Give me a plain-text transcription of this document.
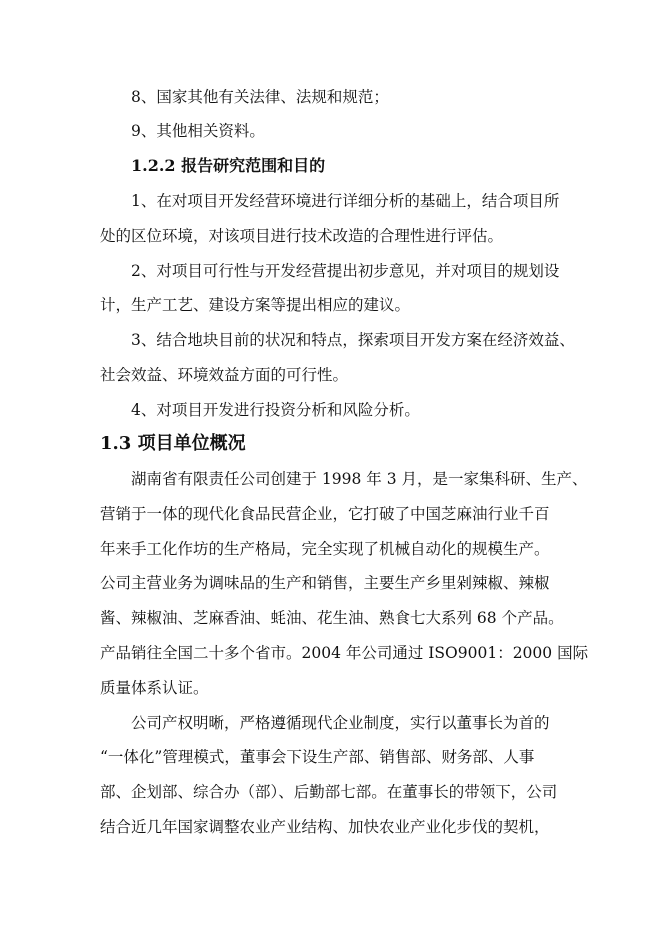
8、国家其他有关法律、法规和规范；
9、其他相关资料。
1.2.2 报告研究范围和目的
1、在对项目开发经营环境进行详细分析的基础上，结合项目所
处的区位环境，对该项目进行技术改造的合理性进行评估。
2、对项目可行性与开发经营提出初步意见，并对项目的规划设
计，生产工艺、建设方案等提出相应的建议。
3、结合地块目前的状况和特点，探索项目开发方案在经济效益、
社会效益、环境效益方面的可行性。
4、对项目开发进行投资分析和风险分析。
1.3 项目单位概况
湖南省有限责任公司创建于 1998 年 3 月，是一家集科研、生产、
营销于一体的现代化食品民营企业，它打破了中国芝麻油行业千百
年来手工化作坊的生产格局，完全实现了机械自动化的规模生产。
公司主营业务为调味品的生产和销售，主要生产乡里剁辣椒、辣椒
酱、辣椒油、芝麻香油、蚝油、花生油、熟食七大系列 68 个产品。
产品销往全国二十多个省市。2004 年公司通过 ISO9001：2000 国际
质量体系认证。
公司产权明晰，严格遵循现代企业制度，实行以董事长为首的
“一体化”管理模式，董事会下设生产部、销售部、财务部、人事
部、企划部、综合办（部）、后勤部七部。在董事长的带领下，公司
结合近几年国家调整农业产业结构、加快农业产业化步伐的契机，
